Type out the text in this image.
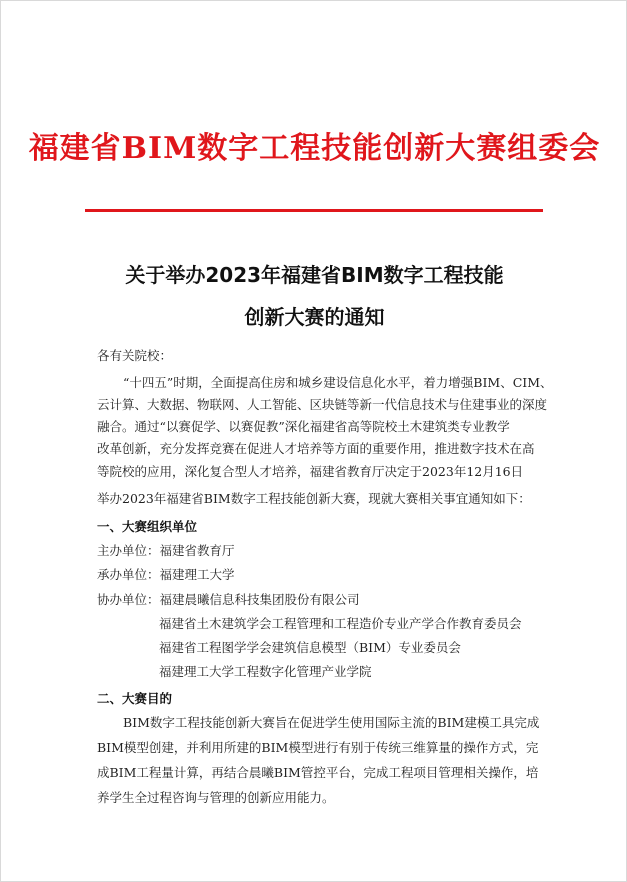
福建省BIM数字工程技能创新大赛组委会
关于举办2023年福建省BIM数字工程技能
创新大赛的通知
各有关院校：
“十四五”时期，全面提高住房和城乡建设信息化水平，着力增强BIM、CIM、
云计算、大数据、物联网、人工智能、区块链等新一代信息技术与住建事业的深度
融合。通过“以赛促学、以赛促教”深化福建省高等院校土木建筑类专业教学
改革创新，充分发挥竞赛在促进人才培养等方面的重要作用，推进数字技术在高
等院校的应用，深化复合型人才培养，福建省教育厅决定于2023年12月16日
举办2023年福建省BIM数字工程技能创新大赛，现就大赛相关事宜通知如下：
一、大赛组织单位
主办单位：福建省教育厅
承办单位：福建理工大学
协办单位：福建晨曦信息科技集团股份有限公司
福建省土木建筑学会工程管理和工程造价专业产学合作教育委员会
福建省工程图学学会建筑信息模型（BIM）专业委员会
福建理工大学工程数字化管理产业学院
二、大赛目的
BIM数字工程技能创新大赛旨在促进学生使用国际主流的BIM建模工具完成
BIM模型创建，并利用所建的BIM模型进行有别于传统三维算量的操作方式，完
成BIM工程量计算，再结合晨曦BIM管控平台，完成工程项目管理相关操作，培
养学生全过程咨询与管理的创新应用能力。
